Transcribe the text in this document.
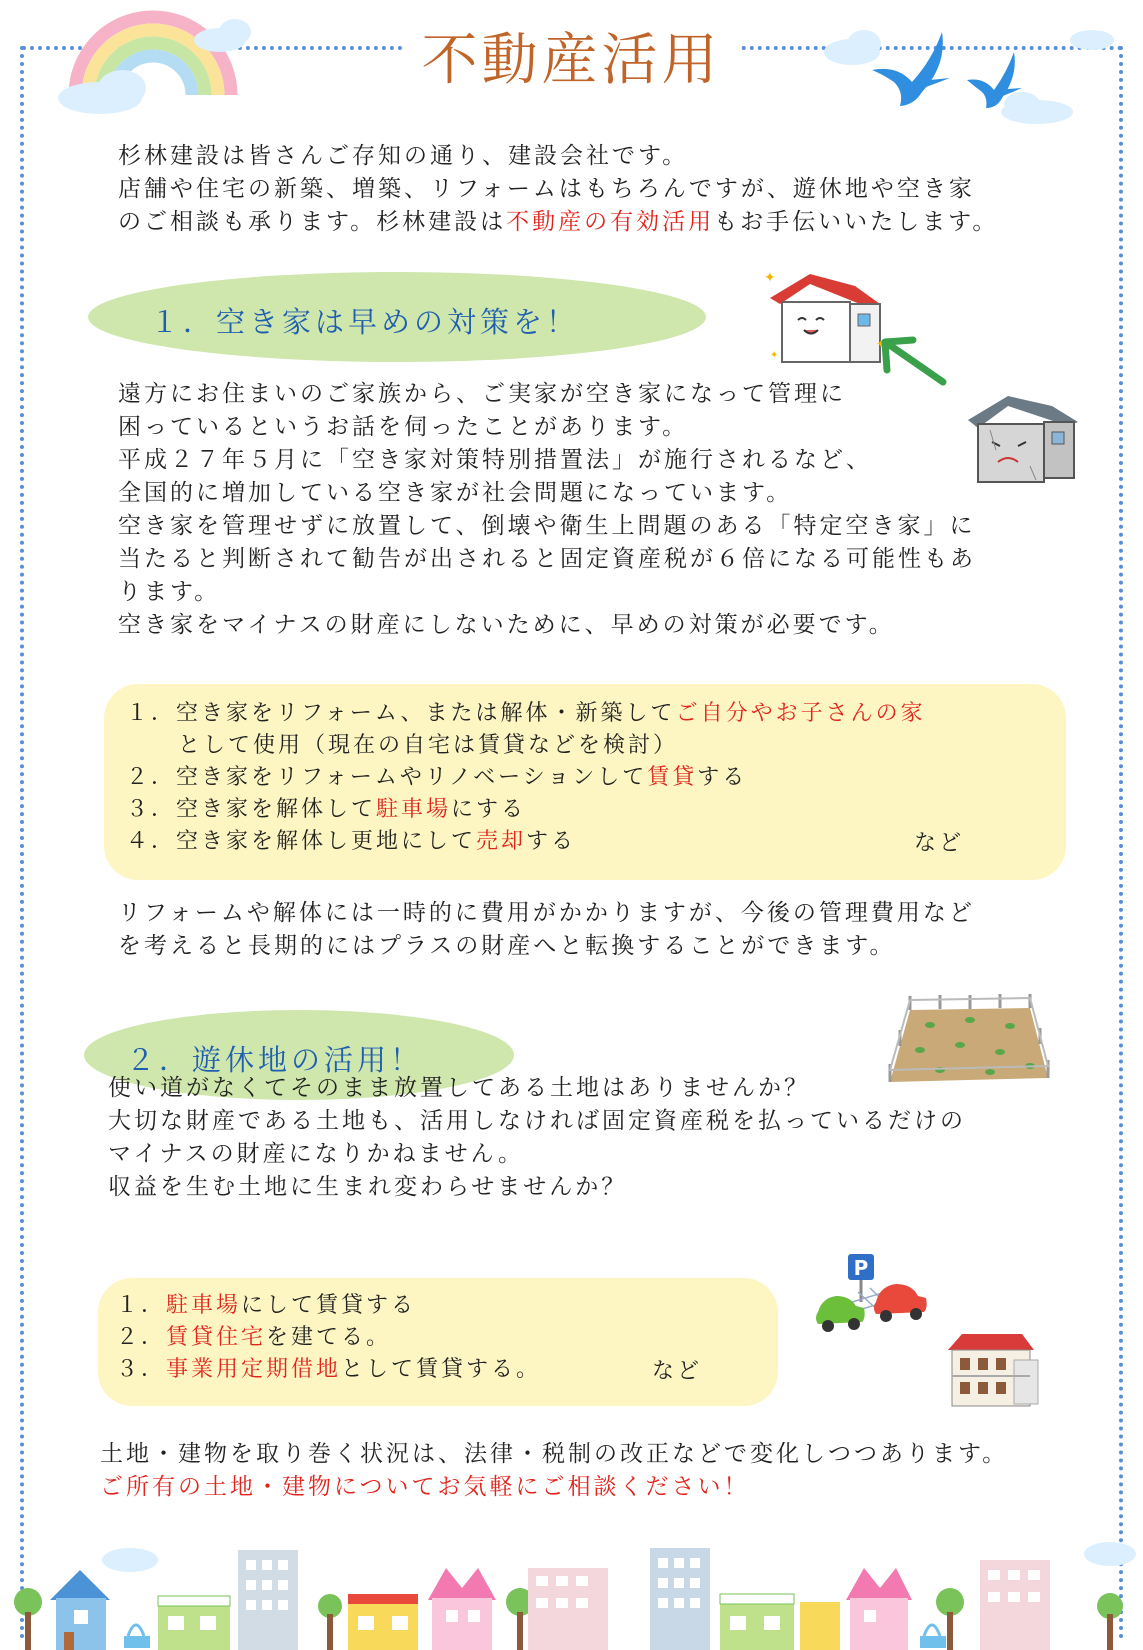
不動産活用
杉林建設は皆さんご存知の通り、建設会社です。
店舗や住宅の新築、増築、リフォームはもちろんですが、遊休地や空き家
のご相談も承ります。杉林建設は不動産の有効活用もお手伝いいたします。
１．空き家は早めの対策を！
✦
✦
✦
遠方にお住まいのご家族から、ご実家が空き家になって管理に
困っているというお話を伺ったことがあります。
平成２７年５月に「空き家対策特別措置法」が施行されるなど、
全国的に増加している空き家が社会問題になっています。
空き家を管理せずに放置して、倒壊や衛生上問題のある「特定空き家」に
当たると判断されて勧告が出されると固定資産税が６倍になる可能性もあ
ります。
空き家をマイナスの財産にしないために、早めの対策が必要です。
１．空き家をリフォーム、または解体・新築してご自分やお子さんの家
として使用（現在の自宅は賃貸などを検討）
２．空き家をリフォームやリノベーションして賃貸する
３．空き家を解体して駐車場にする
４．空き家を解体し更地にして売却する	など
リフォームや解体には一時的に費用がかかりますが、今後の管理費用など
を考えると長期的にはプラスの財産へと転換することができます。
２．遊休地の活用！
使い道がなくてそのまま放置してある土地はありませんか？
大切な財産である土地も、活用しなければ固定資産税を払っているだけの
マイナスの財産になりかねません。
収益を生む土地に生まれ変わらせませんか？
１．駐車場にして賃貸する
２．賃貸住宅を建てる。
３．事業用定期借地として賃貸する。	など
P
土地・建物を取り巻く状況は、法律・税制の改正などで変化しつつあります。
ご所有の土地・建物についてお気軽にご相談ください！
